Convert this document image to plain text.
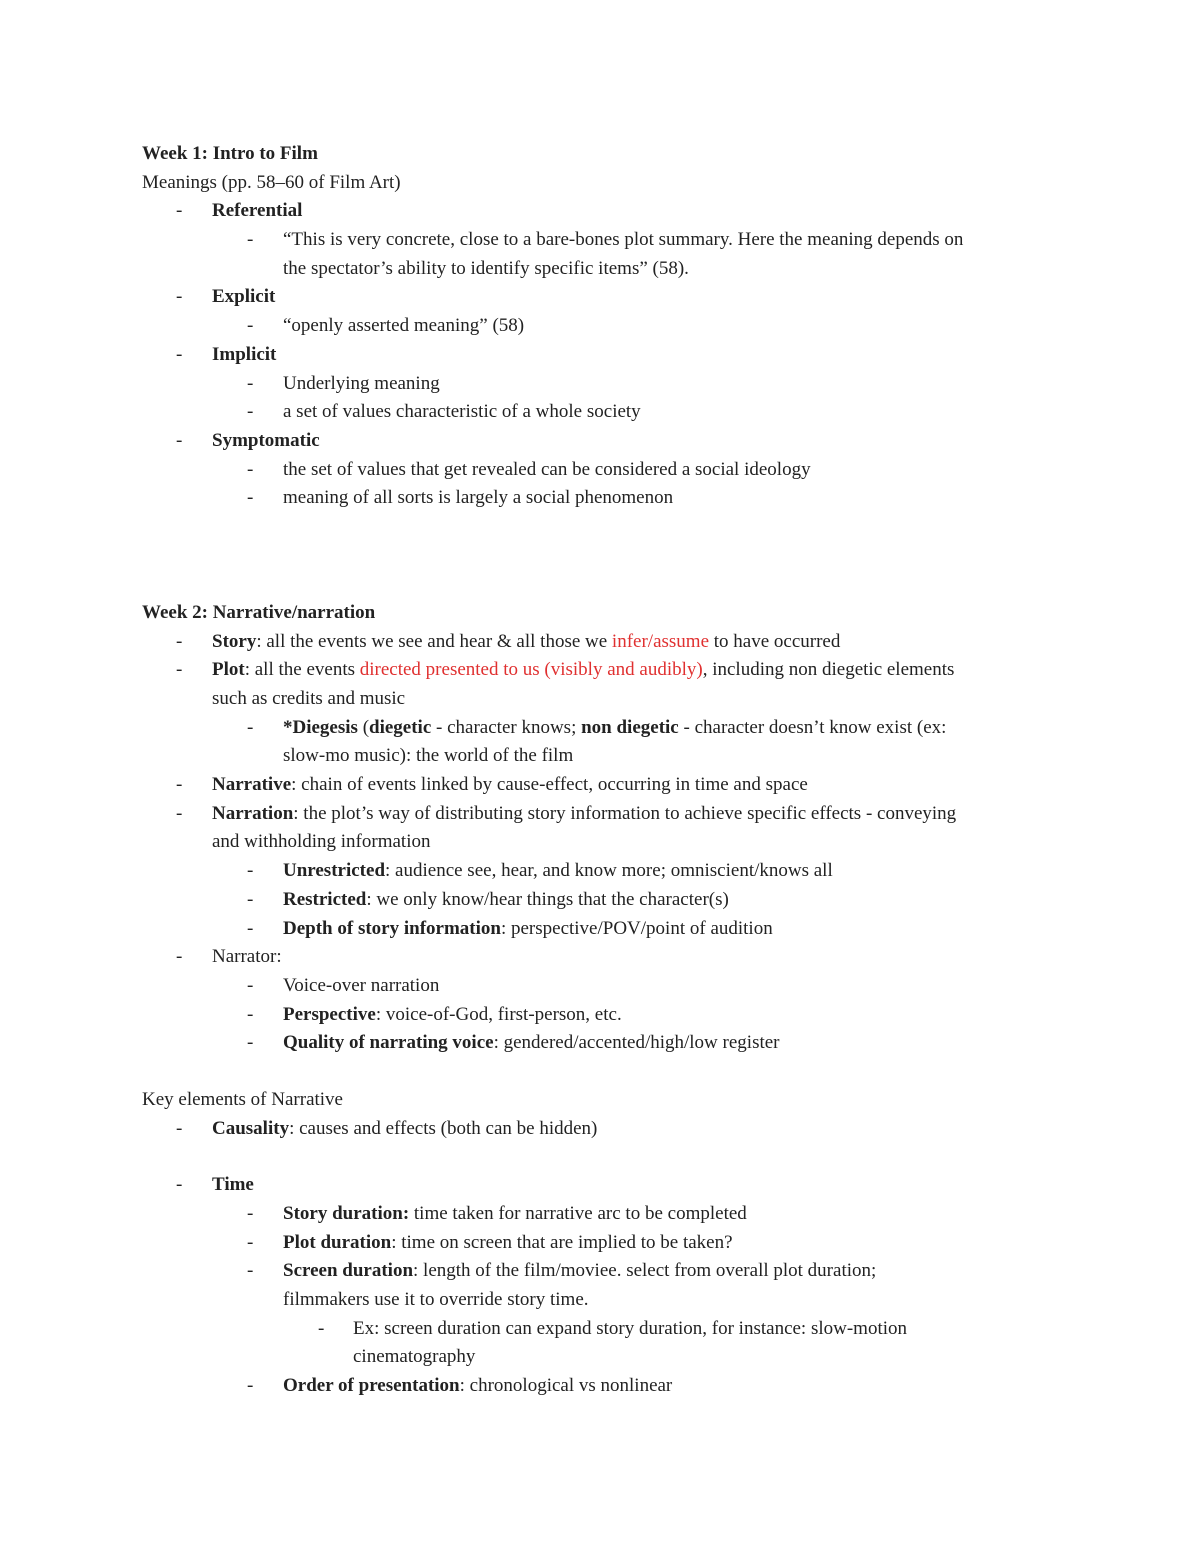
Week 1: Intro to Film
Meanings (pp. 58–60 of Film Art)
-	Referential
-	“This is very concrete, close to a bare-bones plot summary. Here the meaning depends on
the spectator’s ability to identify specific items” (58).
-	Explicit
-	“openly asserted meaning” (58)
-	Implicit
-	Underlying meaning
-	a set of values characteristic of a whole society
-	Symptomatic
-	the set of values that get revealed can be considered a social ideology
-	meaning of all sorts is largely a social phenomenon
Week 2: Narrative/narration
-	Story: all the events we see and hear & all those we infer/assume to have occurred
-	Plot: all the events directed presented to us (visibly and audibly), including non diegetic elements
such as credits and music
-	*Diegesis (diegetic - character knows; non diegetic - character doesn’t know exist (ex:
slow-mo music): the world of the film
-	Narrative: chain of events linked by cause-effect, occurring in time and space
-	Narration: the plot’s way of distributing story information to achieve specific effects - conveying
and withholding information
-	Unrestricted: audience see, hear, and know more; omniscient/knows all
-	Restricted: we only know/hear things that the character(s)
-	Depth of story information: perspective/POV/point of audition
-	Narrator:
-	Voice-over narration
-	Perspective: voice-of-God, first-person, etc.
-	Quality of narrating voice: gendered/accented/high/low register
Key elements of Narrative
-	Causality: causes and effects (both can be hidden)
-	Time
-	Story duration: time taken for narrative arc to be completed
-	Plot duration: time on screen that are implied to be taken?
-	Screen duration: length of the film/moviee. select from overall plot duration;
filmmakers use it to override story time.
-	Ex: screen duration can expand story duration, for instance: slow-motion
cinematography
-	Order of presentation: chronological vs nonlinear
